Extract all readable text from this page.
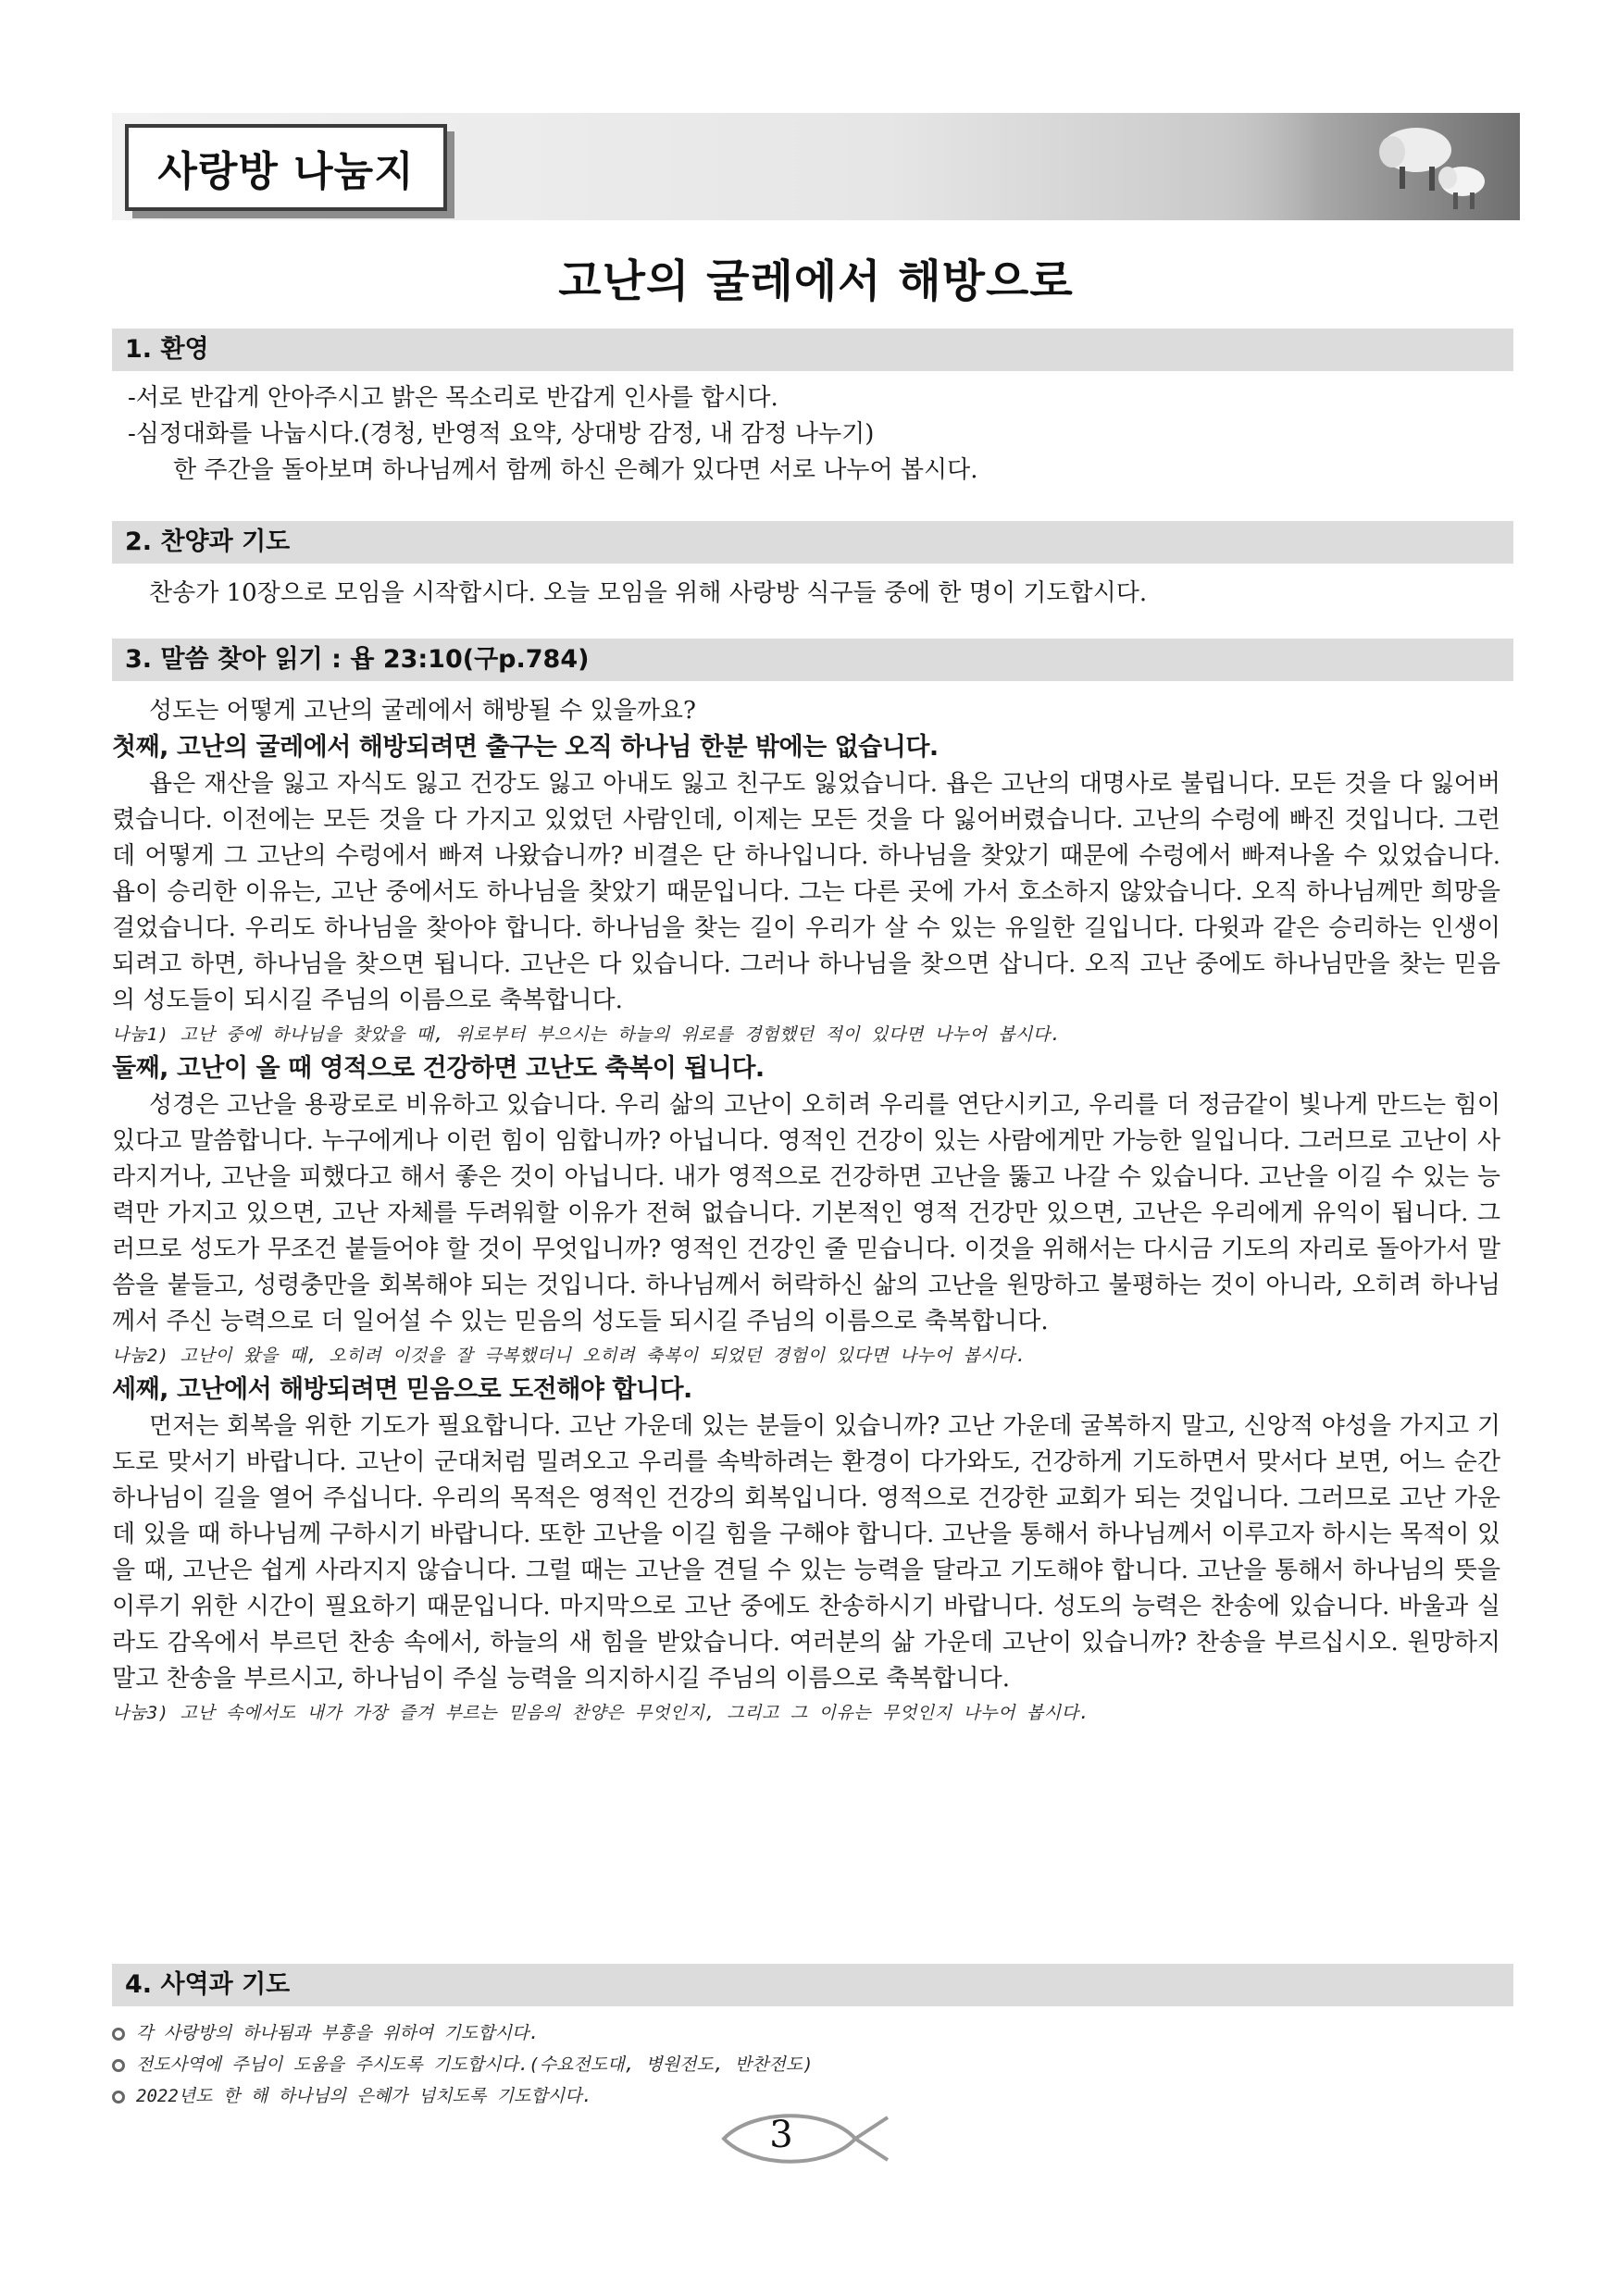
사랑방 나눔지
고난의 굴레에서 해방으로
1. 환영
-서로 반갑게 안아주시고 밝은 목소리로 반갑게 인사를 합시다.
-심정대화를 나눕시다.(경청, 반영적 요약, 상대방 감정, 내 감정 나누기)
한 주간을 돌아보며 하나님께서 함께 하신 은혜가 있다면 서로 나누어 봅시다.
2. 찬양과 기도
찬송가 10장으로 모임을 시작합시다. 오늘 모임을 위해 사랑방 식구들 중에 한 명이 기도합시다.
3. 말씀 찾아 읽기 : 욥 23:10(구p.784)
성도는 어떻게 고난의 굴레에서 해방될 수 있을까요?
첫째, 고난의 굴레에서 해방되려면 출구는 오직 하나님 한분 밖에는 없습니다.
욥은 재산을 잃고 자식도 잃고 건강도 잃고 아내도 잃고 친구도 잃었습니다. 욥은 고난의 대명사로 불립니다. 모든 것을 다 잃어버렸습니다. 이전에는 모든 것을 다 가지고 있었던 사람인데, 이제는 모든 것을 다 잃어버렸습니다. 고난의 수렁에 빠진 것입니다. 그런데 어떻게 그 고난의 수렁에서 빠져 나왔습니까? 비결은 단 하나입니다. 하나님을 찾았기 때문에 수렁에서 빠져나올 수 있었습니다. 욥이 승리한 이유는, 고난 중에서도 하나님을 찾았기 때문입니다. 그는 다른 곳에 가서 호소하지 않았습니다. 오직 하나님께만 희망을 걸었습니다. 우리도 하나님을 찾아야 합니다. 하나님을 찾는 길이 우리가 살 수 있는 유일한 길입니다. 다윗과 같은 승리하는 인생이 되려고 하면, 하나님을 찾으면 됩니다. 고난은 다 있습니다. 그러나 하나님을 찾으면 삽니다. 오직 고난 중에도 하나님만을 찾는 믿음의 성도들이 되시길 주님의 이름으로 축복합니다.
나눔1) 고난 중에 하나님을 찾았을 때, 위로부터 부으시는 하늘의 위로를 경험했던 적이 있다면 나누어 봅시다.
둘째, 고난이 올 때 영적으로 건강하면 고난도 축복이 됩니다.
성경은 고난을 용광로로 비유하고 있습니다. 우리 삶의 고난이 오히려 우리를 연단시키고, 우리를 더 정금같이 빛나게 만드는 힘이 있다고 말씀합니다. 누구에게나 이런 힘이 임합니까? 아닙니다. 영적인 건강이 있는 사람에게만 가능한 일입니다. 그러므로 고난이 사라지거나, 고난을 피했다고 해서 좋은 것이 아닙니다. 내가 영적으로 건강하면 고난을 뚫고 나갈 수 있습니다. 고난을 이길 수 있는 능력만 가지고 있으면, 고난 자체를 두려워할 이유가 전혀 없습니다. 기본적인 영적 건강만 있으면, 고난은 우리에게 유익이 됩니다. 그러므로 성도가 무조건 붙들어야 할 것이 무엇입니까? 영적인 건강인 줄 믿습니다. 이것을 위해서는 다시금 기도의 자리로 돌아가서 말씀을 붙들고, 성령충만을 회복해야 되는 것입니다. 하나님께서 허락하신 삶의 고난을 원망하고 불평하는 것이 아니라, 오히려 하나님께서 주신 능력으로 더 일어설 수 있는 믿음의 성도들 되시길 주님의 이름으로 축복합니다.
나눔2) 고난이 왔을 때, 오히려 이것을 잘 극복했더니 오히려 축복이 되었던 경험이 있다면 나누어 봅시다.
세째, 고난에서 해방되려면 믿음으로 도전해야 합니다.
먼저는 회복을 위한 기도가 필요합니다. 고난 가운데 있는 분들이 있습니까? 고난 가운데 굴복하지 말고, 신앙적 야성을 가지고 기도로 맞서기 바랍니다. 고난이 군대처럼 밀려오고 우리를 속박하려는 환경이 다가와도, 건강하게 기도하면서 맞서다 보면, 어느 순간 하나님이 길을 열어 주십니다. 우리의 목적은 영적인 건강의 회복입니다. 영적으로 건강한 교회가 되는 것입니다. 그러므로 고난 가운데 있을 때 하나님께 구하시기 바랍니다. 또한 고난을 이길 힘을 구해야 합니다. 고난을 통해서 하나님께서 이루고자 하시는 목적이 있을 때, 고난은 쉽게 사라지지 않습니다. 그럴 때는 고난을 견딜 수 있는 능력을 달라고 기도해야 합니다. 고난을 통해서 하나님의 뜻을 이루기 위한 시간이 필요하기 때문입니다. 마지막으로 고난 중에도 찬송하시기 바랍니다. 성도의 능력은 찬송에 있습니다. 바울과 실라도 감옥에서 부르던 찬송 속에서, 하늘의 새 힘을 받았습니다. 여러분의 삶 가운데 고난이 있습니까? 찬송을 부르십시오. 원망하지 말고 찬송을 부르시고, 하나님이 주실 능력을 의지하시길 주님의 이름으로 축복합니다.
나눔3) 고난 속에서도 내가 가장 즐겨 부르는 믿음의 찬양은 무엇인지, 그리고 그 이유는 무엇인지 나누어 봅시다.
4. 사역과 기도
각 사랑방의 하나됨과 부흥을 위하여 기도합시다.
전도사역에 주님이 도움을 주시도록 기도합시다.(수요전도대, 병원전도, 반찬전도)
2022년도 한 해 하나님의 은혜가 넘치도록 기도합시다.
3
